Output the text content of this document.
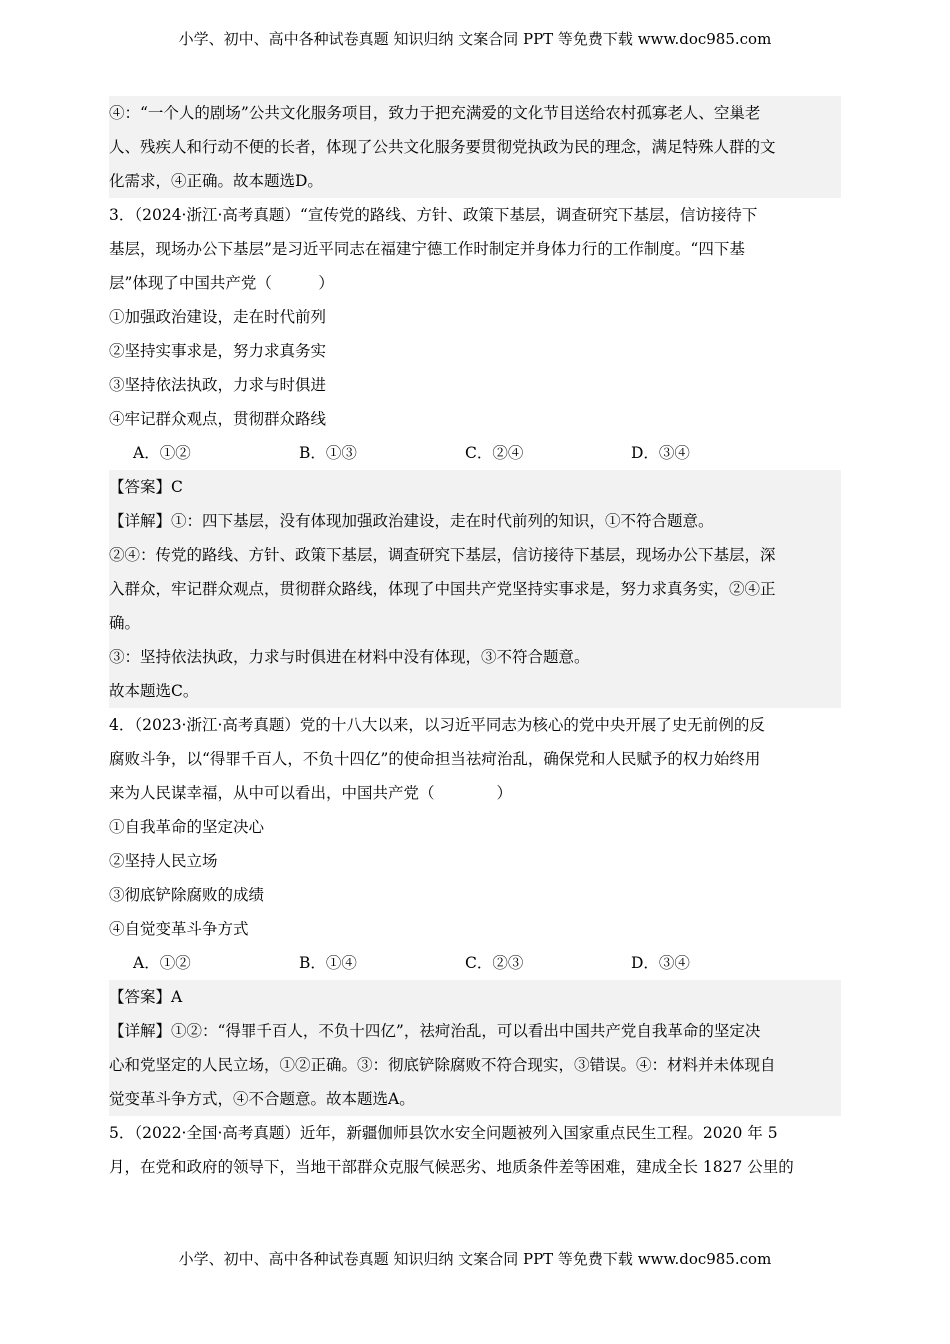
小学、初中、高中各种试卷真题 知识归纳 文案合同 PPT 等免费下载 www.doc985.com
④：“一个人的剧场”公共文化服务项目，致力于把充满爱的文化节目送给农村孤寡老人、空巢老
人、残疾人和行动不便的长者，体现了公共文化服务要贯彻党执政为民的理念，满足特殊人群的文
化需求，④正确。故本题选D。
3．（2024·浙江·高考真题）“宣传党的路线、方针、政策下基层，调查研究下基层，信访接待下
基层，现场办公下基层”是习近平同志在福建宁德工作时制定并身体力行的工作制度。“四下基
层”体现了中国共产党（　　　）
①加强政治建设，走在时代前列
②坚持实事求是，努力求真务实
③坚持依法执政，力求与时俱进
④牢记群众观点，贯彻群众路线
A．①②	B．①③	C．②④	D．③④
【答案】C
【详解】①：四下基层，没有体现加强政治建设，走在时代前列的知识，①不符合题意。
②④：传党的路线、方针、政策下基层，调查研究下基层，信访接待下基层，现场办公下基层，深
入群众，牢记群众观点，贯彻群众路线，体现了中国共产党坚持实事求是，努力求真务实，②④正
确。
③：坚持依法执政，力求与时俱进在材料中没有体现，③不符合题意。
故本题选C。
4．（2023·浙江·高考真题）党的十八大以来，以习近平同志为核心的党中央开展了史无前例的反
腐败斗争，以“得罪千百人，不负十四亿”的使命担当祛疴治乱，确保党和人民赋予的权力始终用
来为人民谋幸福，从中可以看出，中国共产党（　　　　）
①自我革命的坚定决心
②坚持人民立场
③彻底铲除腐败的成绩
④自觉变革斗争方式
A．①②	B．①④	C．②③	D．③④
【答案】A
【详解】①②：“得罪千百人，不负十四亿”，祛疴治乱，可以看出中国共产党自我革命的坚定决
心和党坚定的人民立场，①②正确。③：彻底铲除腐败不符合现实，③错误。④：材料并未体现自
觉变革斗争方式，④不合题意。故本题选A。
5．（2022·全国·高考真题）近年，新疆伽师县饮水安全问题被列入国家重点民生工程。2020 年 5
月，在党和政府的领导下，当地干部群众克服气候恶劣、地质条件差等困难，建成全长 1827 公里的
小学、初中、高中各种试卷真题 知识归纳 文案合同 PPT 等免费下载 www.doc985.com
